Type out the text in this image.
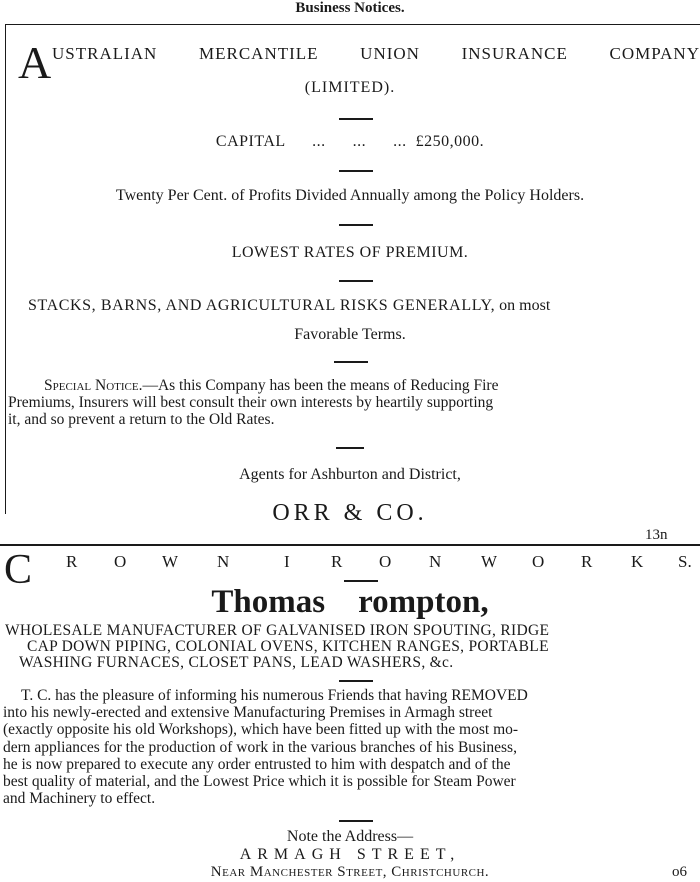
Business Notices.
A USTRALIAN MERCANTILE UNION INSURANCE COMPANY
(LIMITED).
CAPITAL      ...      ...      ...  £250,000.
Twenty Per Cent. of Profits Divided Annually among the Policy Holders.
LOWEST RATES OF PREMIUM.
STACKS, BARNS, AND AGRICULTURAL RISKS GENERALLY, on most
Favorable Terms.
Special Notice.—As this Company has been the means of Reducing Fire
Premiums, Insurers will best consult their own interests by heartily supporting
it, and so prevent a return to the Old Rates.
Agents for Ashburton and District,
ORR & CO.
13n
C R O W N	I R O N W O R K S.
Thomas    rompton,
WHOLESALE MANUFACTURER OF GALVANISED IRON SPOUTING, RIDGE
CAP DOWN PIPING, COLONIAL OVENS, KITCHEN RANGES, PORTABLE
WASHING FURNACES, CLOSET PANS, LEAD WASHERS, &c.
T. C. has the pleasure of informing his numerous Friends that having REMOVED
into his newly-erected and extensive Manufacturing Premises in Armagh street
(exactly opposite his old Workshops), which have been fitted up with the most mo-
dern appliances for the production of work in the various branches of his Business,
he is now prepared to execute any order entrusted to him with despatch and of the
best quality of material, and the Lowest Price which it is possible for Steam Power
and Machinery to effect.
Note the Address—
ARMAGH STREET,
Near Manchester Street, Christchurch.	o6
